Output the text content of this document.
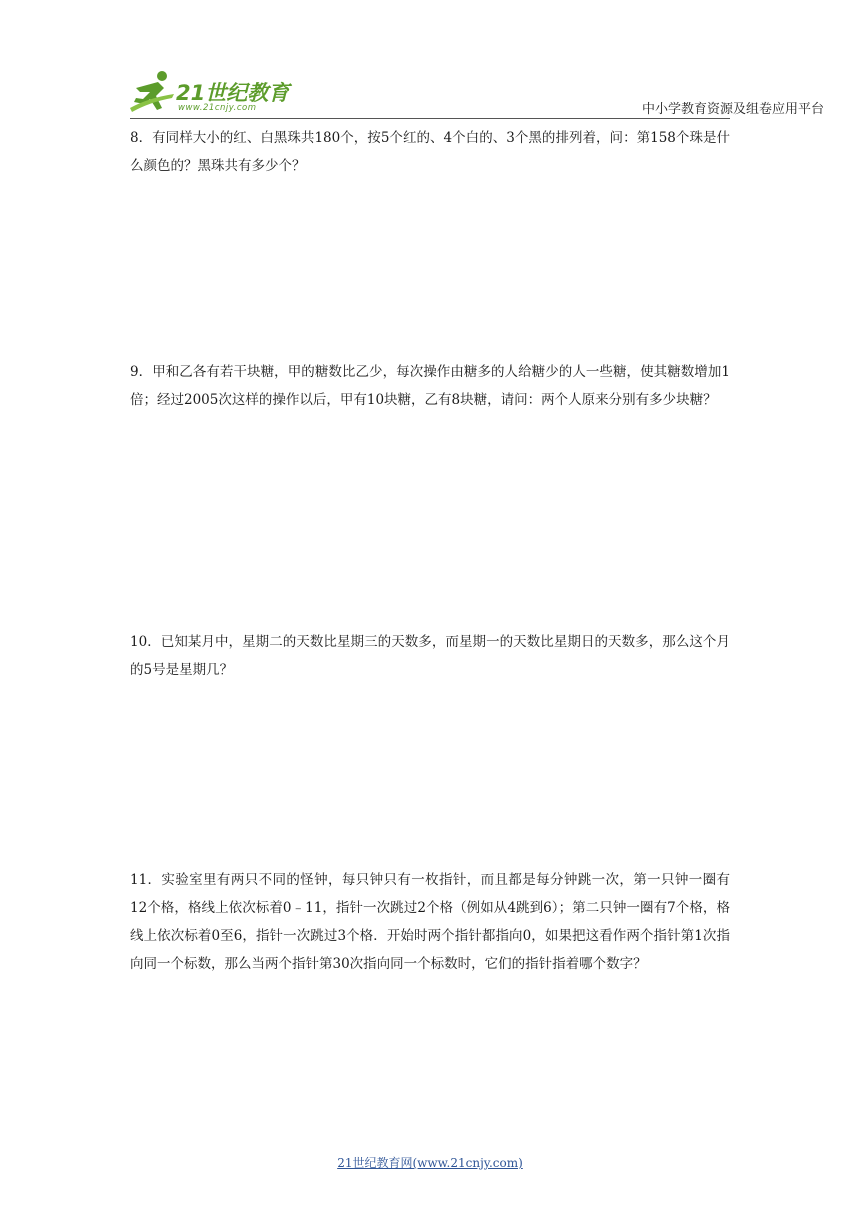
21世纪教育
www.21cnjy.com	中小学教育资源及组卷应用平台
8．有同样大小的红、白黑珠共180个，按5个红的、4个白的、3个黑的排列着，问：第158个珠是什么颜色的？黑珠共有多少个？
9．甲和乙各有若干块糖，甲的糖数比乙少，每次操作由糖多的人给糖少的人一些糖，使其糖数增加1倍；经过2005次这样的操作以后，甲有10块糖，乙有8块糖，请问：两个人原来分别有多少块糖？
10．已知某月中，星期二的天数比星期三的天数多，而星期一的天数比星期日的天数多，那么这个月的5号是星期几？
11．实验室里有两只不同的怪钟，每只钟只有一枚指针，而且都是每分钟跳一次，第一只钟一圈有12个格，格线上依次标着0﹣11，指针一次跳过2个格（例如从4跳到6）；第二只钟一圈有7个格，格线上依次标着0至6，指针一次跳过3个格．开始时两个指针都指向0，如果把这看作两个指针第1次指向同一个标数，那么当两个指针第30次指向同一个标数时，它们的指针指着哪个数字？
21世纪教育网(www.21cnjy.com)
